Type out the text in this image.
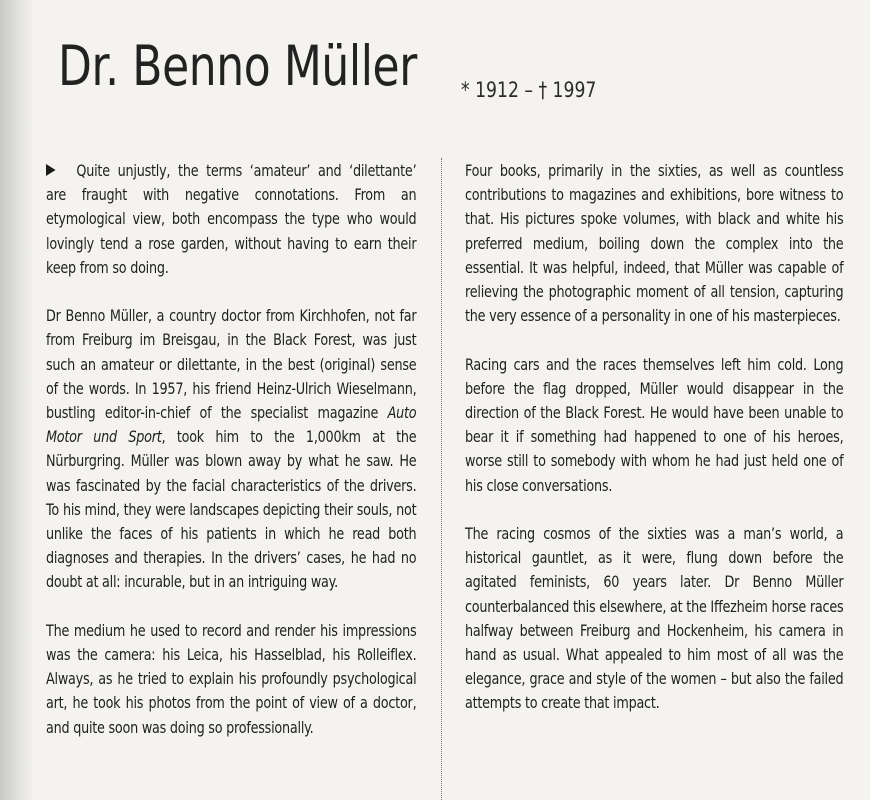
Dr. Benno Müller * 1912 – † 1997

Quite unjustly, the terms ‘amateur’ and ‘dilettante’ are fraught with negative connotations. From an etymological view, both encompass the type who would lovingly tend a rose garden, without having to earn their keep from so doing.

Dr Benno Müller, a country doctor from Kirchhofen, not far from Freiburg im Breisgau, in the Black Forest, was just such an amateur or dilettante, in the best (original) sense of the words. In 1957, his friend Heinz-Ulrich Wieselmann, bustling editor-in-chief of the specialist magazine Auto Motor und Sport, took him to the 1,000km at the Nürburgring. Müller was blown away by what he saw. He was fascinated by the facial characteristics of the drivers. To his mind, they were landscapes depicting their souls, not unlike the faces of his patients in which he read both diagnoses and therapies. In the drivers’ cases, he had no doubt at all: incurable, but in an intriguing way.

The medium he used to record and render his impressions was the camera: his Leica, his Hasselblad, his Rolleiflex. Always, as he tried to explain his profoundly psychological art, he took his photos from the point of view of a doctor, and quite soon was doing so professionally.

Four books, primarily in the sixties, as well as countless contributions to magazines and exhibitions, bore witness to that. His pictures spoke volumes, with black and white his preferred medium, boiling down the complex into the essential. It was helpful, indeed, that Müller was capable of relieving the photographic moment of all tension, capturing the very essence of a personality in one of his masterpieces.

Racing cars and the races themselves left him cold. Long before the flag dropped, Müller would disappear in the direction of the Black Forest. He would have been unable to bear it if something had happened to one of his heroes, worse still to somebody with whom he had just held one of his close conversations.

The racing cosmos of the sixties was a man’s world, a historical gauntlet, as it were, flung down before the agitated feminists, 60 years later. Dr Benno Müller counterbalanced this elsewhere, at the Iffezheim horse races halfway between Freiburg and Hockenheim, his camera in hand as usual. What appealed to him most of all was the elegance, grace and style of the women – but also the failed attempts to create that impact.
